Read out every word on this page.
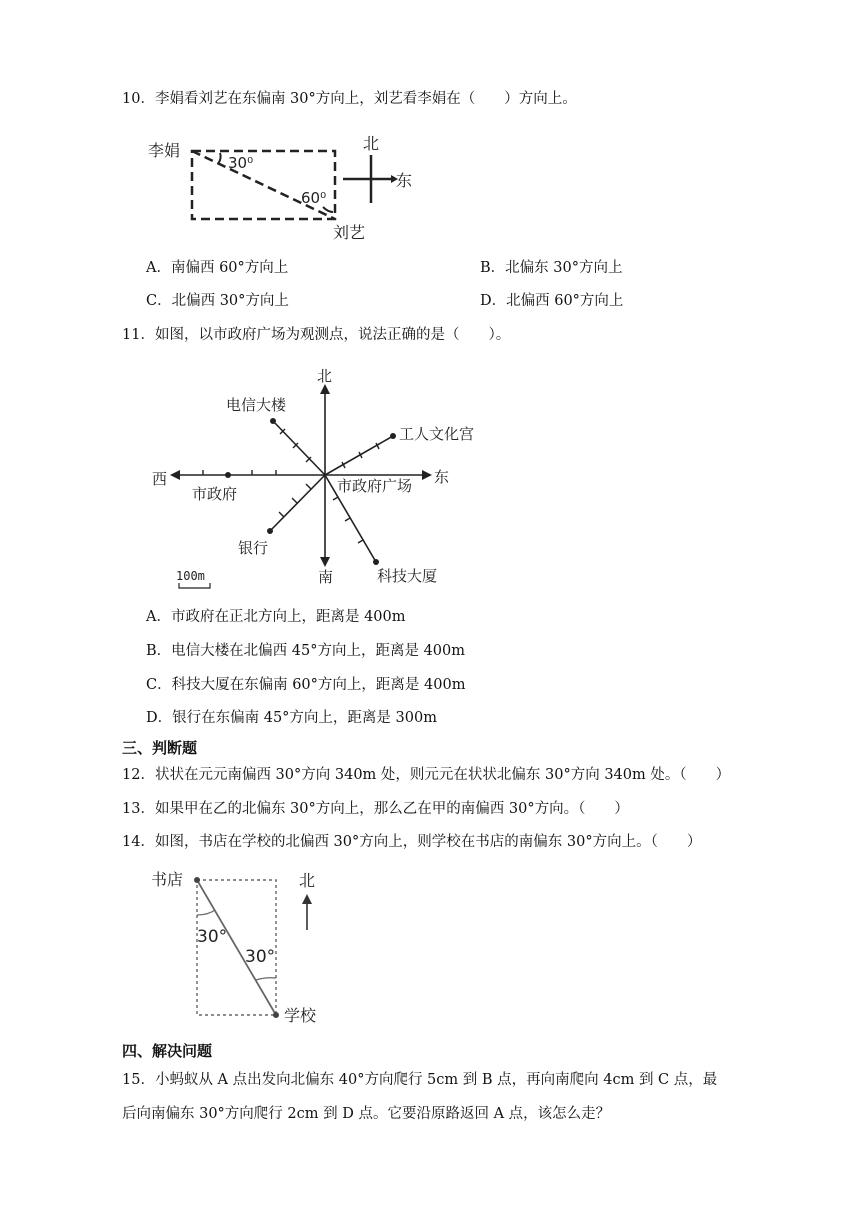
10．李娟看刘艺在东偏南 30°方向上，刘艺看李娟在（　　）方向上。
李娟
30⁰
60⁰
刘艺
北
东
A．南偏西 60°方向上	B．北偏东 30°方向上
C．北偏西 30°方向上	D．北偏西 60°方向上
11．如图，以市政府广场为观测点，说法正确的是（　　）。
北
南
东
西
电信大楼
工人文化宫
市政府	市政府广场
银行
科技大厦
100m
A．市政府在正北方向上，距离是 400m
B．电信大楼在北偏西 45°方向上，距离是 400m
C．科技大厦在东偏南 60°方向上，距离是 400m
D．银行在东偏南 45°方向上，距离是 300m
三、判断题
12．状状在元元南偏西 30°方向 340m 处，则元元在状状北偏东 30°方向 340m 处。（　　）
13．如果甲在乙的北偏东 30°方向上，那么乙在甲的南偏西 30°方向。（　　）
14．如图，书店在学校的北偏西 30°方向上，则学校在书店的南偏东 30°方向上。（　　）
书店
学校
30°
30°
北
四、解决问题
15．小蚂蚁从 A 点出发向北偏东 40°方向爬行 5cm 到 B 点，再向南爬向 4cm 到 C 点，最
后向南偏东 30°方向爬行 2cm 到 D 点。它要沿原路返回 A 点，该怎么走？
